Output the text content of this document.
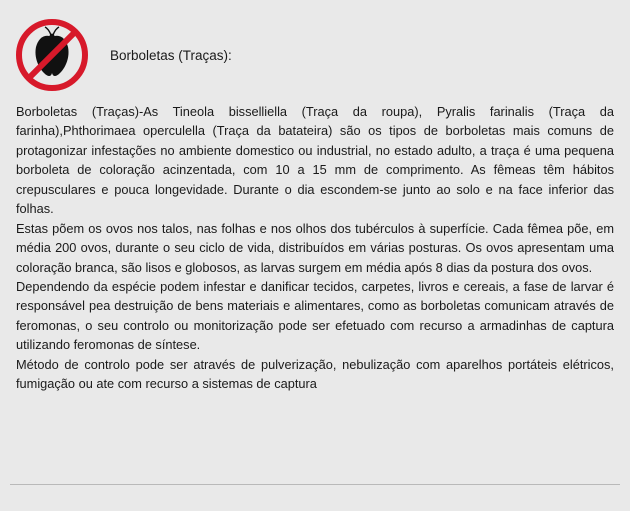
Borboletas (Traças):

Borboletas (Traças)-As Tineola bisselliella (Traça da roupa), Pyralis farinalis (Traça da farinha),Phthorimaea operculella (Traça da batateira) são os tipos de borboletas mais comuns de protagonizar infestações no ambiente domestico ou industrial, no estado adulto, a traça é uma pequena borboleta de coloração acinzentada, com 10 a 15 mm de comprimento. As fêmeas têm hábitos crepusculares e pouca longevidade. Durante o dia escondem-se junto ao solo e na face inferior das folhas.

Estas põem os ovos nos talos, nas folhas e nos olhos dos tubérculos à superfície. Cada fêmea põe, em média 200 ovos, durante o seu ciclo de vida, distribuídos em várias posturas. Os ovos apresentam uma coloração branca, são lisos e globosos, as larvas surgem em média após 8 dias da postura dos ovos.

Dependendo da espécie podem infestar e danificar tecidos, carpetes, livros e cereais, a fase de larvar é responsável pea destruição de bens materiais e alimentares, como as borboletas comunicam através de feromonas, o seu controlo ou monitorização pode ser efetuado com recurso a armadinhas de captura utilizando feromonas de síntese.

Método de controlo pode ser através de pulverização, nebulização com aparelhos portáteis elétricos, fumigação ou ate com recurso a sistemas de captura
